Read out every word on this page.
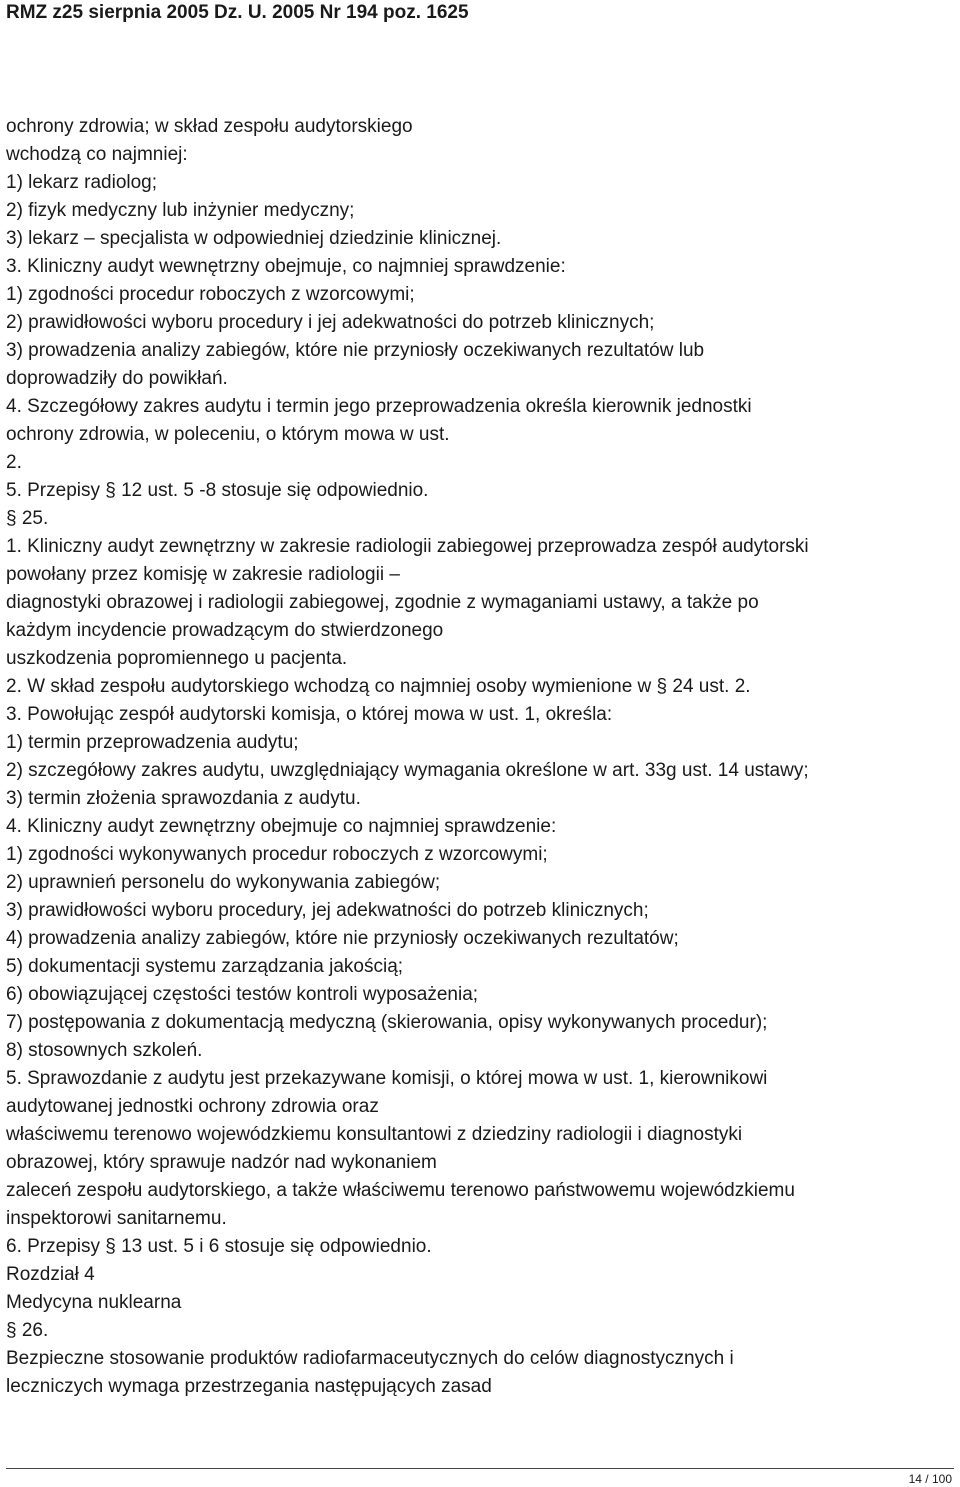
RMZ z25 sierpnia 2005 Dz. U. 2005 Nr 194 poz. 1625
ochrony zdrowia; w skład zespołu audytorskiego
wchodzą co najmniej:
1) lekarz radiolog;
2) fizyk medyczny lub inżynier medyczny;
3) lekarz – specjalista w odpowiedniej dziedzinie klinicznej.
3. Kliniczny audyt wewnętrzny obejmuje, co najmniej sprawdzenie:
1) zgodności procedur roboczych z wzorcowymi;
2) prawidłowości wyboru procedury i jej adekwatności do potrzeb klinicznych;
3) prowadzenia analizy zabiegów, które nie przyniosły oczekiwanych rezultatów lub
doprowadziły do powikłań.
4. Szczegółowy zakres audytu i termin jego przeprowadzenia określa kierownik jednostki
ochrony zdrowia, w poleceniu, o którym mowa w ust.
2.
5. Przepisy § 12 ust. 5 -8 stosuje się odpowiednio.
§ 25.
1. Kliniczny audyt zewnętrzny w zakresie radiologii zabiegowej przeprowadza zespół audytorski
powołany przez komisję w zakresie radiologii –
diagnostyki obrazowej i radiologii zabiegowej, zgodnie z wymaganiami ustawy, a także po
każdym incydencie prowadzącym do stwierdzonego
uszkodzenia popromiennego u pacjenta.
2. W skład zespołu audytorskiego wchodzą co najmniej osoby wymienione w § 24 ust. 2.
3. Powołując zespół audytorski komisja, o której mowa w ust. 1, określa:
1) termin przeprowadzenia audytu;
2) szczegółowy zakres audytu, uwzględniający wymagania określone w art. 33g ust. 14 ustawy;
3) termin złożenia sprawozdania z audytu.
4. Kliniczny audyt zewnętrzny obejmuje co najmniej sprawdzenie:
1) zgodności wykonywanych procedur roboczych z wzorcowymi;
2) uprawnień personelu do wykonywania zabiegów;
3) prawidłowości wyboru procedury, jej adekwatności do potrzeb klinicznych;
4) prowadzenia analizy zabiegów, które nie przyniosły oczekiwanych rezultatów;
5) dokumentacji systemu zarządzania jakością;
6) obowiązującej częstości testów kontroli wyposażenia;
7) postępowania z dokumentacją medyczną (skierowania, opisy wykonywanych procedur);
8) stosownych szkoleń.
5. Sprawozdanie z audytu jest przekazywane komisji, o której mowa w ust. 1, kierownikowi
audytowanej jednostki ochrony zdrowia oraz
właściwemu terenowo wojewódzkiemu konsultantowi z dziedziny radiologii i diagnostyki
obrazowej, który sprawuje nadzór nad wykonaniem
zaleceń zespołu audytorskiego, a także właściwemu terenowo państwowemu wojewódzkiemu
inspektorowi sanitarnemu.
6. Przepisy § 13 ust. 5 i 6 stosuje się odpowiednio.
Rozdział 4
Medycyna nuklearna
§ 26.
Bezpieczne stosowanie produktów radiofarmaceutycznych do celów diagnostycznych i
leczniczych wymaga przestrzegania następujących zasad
14 / 100
